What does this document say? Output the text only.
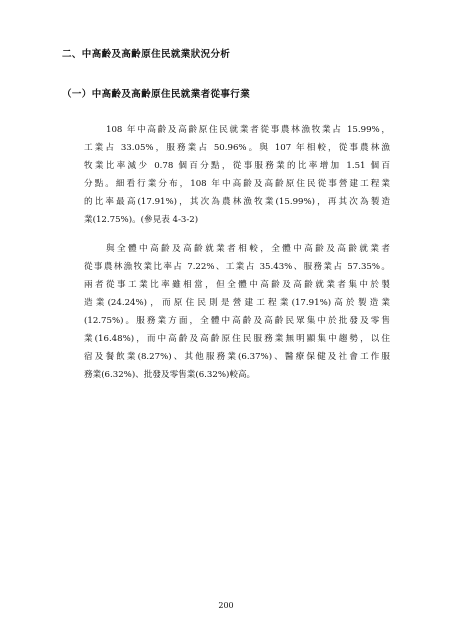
二、中高齡及高齡原住民就業狀況分析
（一）中高齡及高齡原住民就業者從事行業
108 年中高齡及高齡原住民就業者從事農林漁牧業占 15.99%，
工業占 33.05%，服務業占 50.96%。與 107 年相較，從事農林漁
牧業比率減少 0.78 個百分點，從事服務業的比率增加 1.51 個百
分點。細看行業分布，108 年中高齡及高齡原住民從事營建工程業
的比率最高(17.91%)，其次為農林漁牧業(15.99%)，再其次為製造
業(12.75%)。(參見表 4-3-2)
與全體中高齡及高齡就業者相較，全體中高齡及高齡就業者
從事農林漁牧業比率占 7.22%、工業占 35.43%、服務業占 57.35%。
兩者從事工業比率雖相當，但全體中高齡及高齡就業者集中於製
造業(24.24%)，而原住民則是營建工程業(17.91%)高於製造業
(12.75%)。服務業方面，全體中高齡及高齡民眾集中於批發及零售
業(16.48%)，而中高齡及高齡原住民服務業無明顯集中趨勢，以住
宿及餐飲業(8.27%)、其他服務業(6.37%)、醫療保健及社會工作服
務業(6.32%)、批發及零售業(6.32%)較高。
200
